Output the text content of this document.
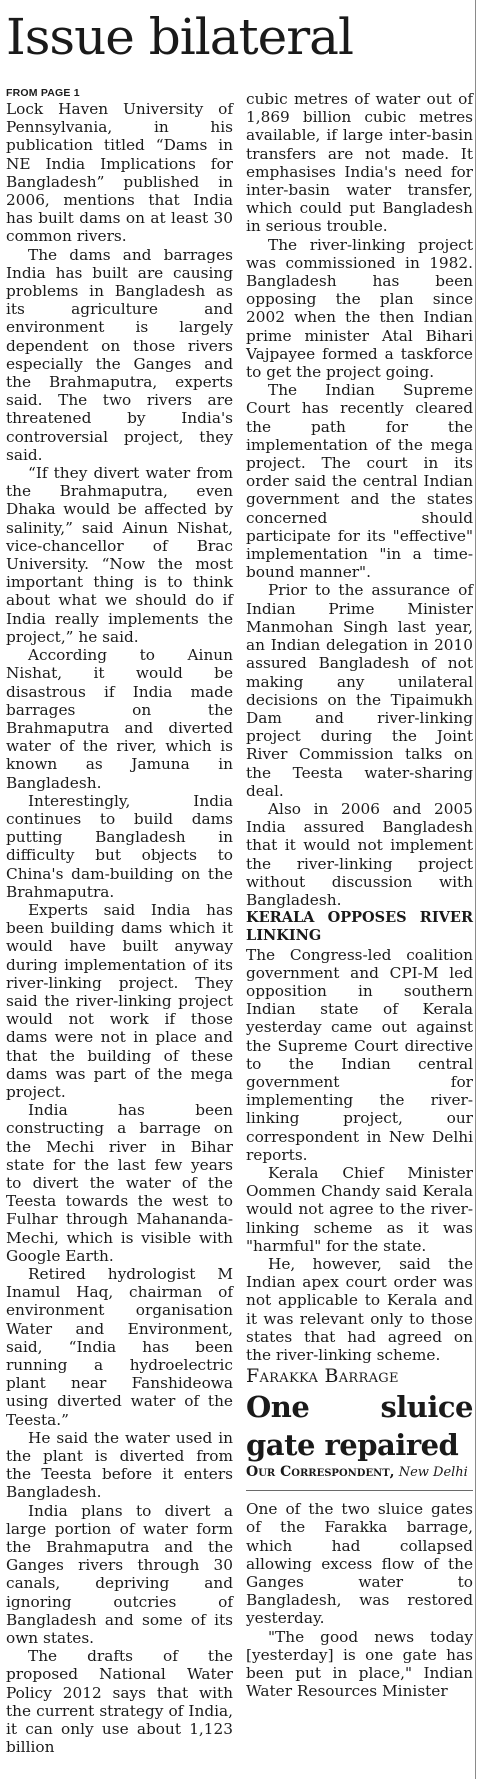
Issue bilateral

FROM PAGE 1

Lock Haven University of Pennsylvania, in his publication titled “Dams in NE India Implications for Bangladesh” published in 2006, mentions that India has built dams on at least 30 common rivers.

The dams and barrages India has built are causing problems in Bangladesh as its agriculture and environment is largely dependent on those rivers especially the Ganges and the Brahmaputra, experts said. The two rivers are threatened by India's controversial project, they said.

“If they divert water from the Brahmaputra, even Dhaka would be affected by salinity,” said Ainun Nishat, vice-chancellor of Brac University. “Now the most important thing is to think about what we should do if India really implements the project,” he said.

According to Ainun Nishat, it would be disastrous if India made barrages on the Brahmaputra and diverted water of the river, which is known as Jamuna in Bangladesh.

Interestingly, India continues to build dams putting Bangladesh in difficulty but objects to China's dam-building on the Brahmaputra.

Experts said India has been building dams which it would have built anyway during implementation of its river-linking project. They said the river-linking project would not work if those dams were not in place and that the building of these dams was part of the mega project.

India has been constructing a barrage on the Mechi river in Bihar state for the last few years to divert the water of the Teesta towards the west to Fulhar through Mahananda-Mechi, which is visible with Google Earth.

Retired hydrologist M Inamul Haq, chairman of environment organisation Water and Environment, said, “India has been running a hydroelectric plant near Fanshideowa using diverted water of the Teesta.”

He said the water used in the plant is diverted from the Teesta before it enters Bangladesh.

India plans to divert a large portion of water form the Brahmaputra and the Ganges rivers through 30 canals, depriving and ignoring outcries of Bangladesh and some of its own states.

The drafts of the proposed National Water Policy 2012 says that with the current strategy of India, it can only use about 1,123 billion

cubic metres of water out of 1,869 billion cubic metres available, if large inter-basin transfers are not made. It emphasises India's need for inter-basin water transfer, which could put Bangladesh in serious trouble.

The river-linking project was commissioned in 1982. Bangladesh has been opposing the plan since 2002 when the then Indian prime minister Atal Bihari Vajpayee formed a taskforce to get the project going.

The Indian Supreme Court has recently cleared the path for the implementation of the mega project. The court in its order said the central Indian government and the states concerned should participate for its "effective" implementation "in a time-bound manner".

Prior to the assurance of Indian Prime Minister Manmohan Singh last year, an Indian delegation in 2010 assured Bangladesh of not making any unilateral decisions on the Tipaimukh Dam and river-linking project during the Joint River Commission talks on the Teesta water-sharing deal.

Also in 2006 and 2005 India assured Bangladesh that it would not implement the river-linking project without discussion with Bangladesh.

KERALA OPPOSES RIVER LINKING

The Congress-led coalition government and CPI-M led opposition in southern Indian state of Kerala yesterday came out against the Supreme Court directive to the Indian central government for implementing the river-linking project, our correspondent in New Delhi reports.

Kerala Chief Minister Oommen Chandy said Kerala would not agree to the river-linking scheme as it was "harmful" for the state.

He, however, said the Indian apex court order was not applicable to Kerala and it was relevant only to those states that had agreed on the river-linking scheme.

Farakka Barrage

One sluice gate repaired

Our Correspondent, New Delhi

One of the two sluice gates of the Farakka barrage, which had collapsed allowing excess flow of the Ganges water to Bangladesh, was restored yesterday.

"The good news today [yesterday] is one gate has been put in place," Indian Water Resources Minister
